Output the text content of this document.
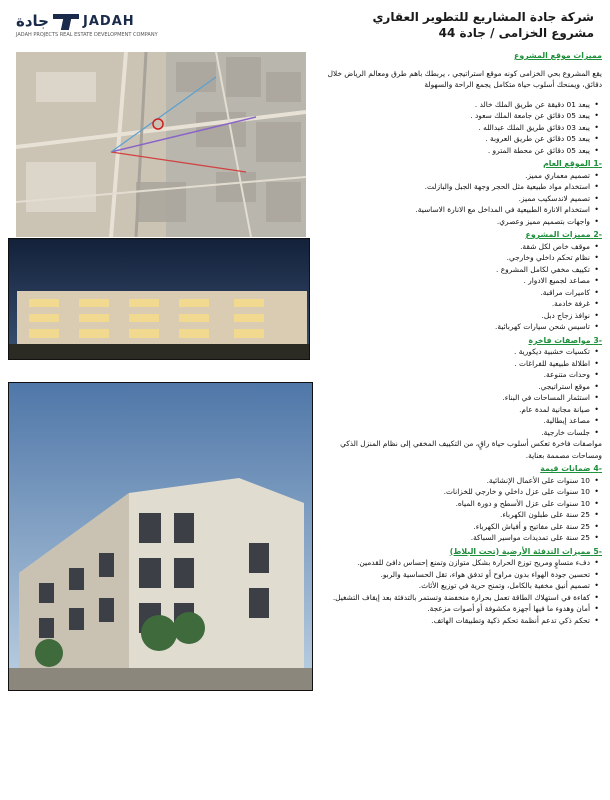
جادة	JADAH
JADAH PROJECTS REAL ESTATE DEVELOPMENT COMPANY
شركة جادة المشاريع للتطوير العقاري
مشروع الخزامى / جادة 44
مميزات موقع المشروع
يقع المشروع بحي الخزامى كونه موقع استراتيجي ، يربطك باهم طرق ومعالم الرياض خلال دقائق، ويمنحك أسلوب حياة متكامل يجمع الراحة والسهولة
• يبعد 01 دقيقة عن طريق الملك خالد .
• يبعد 05 دقائق عن جامعة الملك سعود .
• يبعد 03 دقائق طريق الملك عبدالله .
• يبعد 05 دقائق عن طريق العروبة .
• يبعد 05 دقائق عن محطة المترو .
-1 الموقع العام
• تصميم معماري مميز.
• استخدام مواد طبيعية مثل الحجر وجهة الجبل والبازلت.
• تصميم لاندسكيب مميز.
• استخدام الانارة الطبيعية في المداخل مع الانارة الاساسية.
• واجهات بتصميم مميز وعصري.
-2 مميزات المشروع
• موقف خاص لكل شقة.
• نظام تحكم داخلي وخارجي.
• تكييف مخفي لكامل المشروع .
• مصاعد لجميع الادوار .
• كاميرات مراقبة.
• غرفة خادمة.
• نوافذ زجاج دبل.
• تاسيس شحن سيارات كهربائية.
-3 مواصفات فاخرة
• تكسيات خشبية ديكورية .
• اطلالة طبيعية للفراغات .
• وحدات متنوعة.
• موقع استراتيجي.
• استثمار المساحات في البناء.
• صيانة مجانية لمدة عام.
• مصاعد إيطالية.
• جلسات خارجية.
مواصفات فاخرة تعكس أسلوب حياة راقٍ، من التكييف المخفي إلى نظام المنزل الذكي ومساحات مصممة بعناية.
-4 ضمانات قيمة
• 10 سنوات على الأعمال الإنشائية.
• 10 سنوات على عزل داخلي و خارجي للخزانات.
• 10 سنوات على عزل الأسطح و دورة المياه.
• 25 سنة على طبلون الكهرباء.
• 25 سنة على مفاتيح و أفياش الكهرباء.
• 25 سنة على تمديدات مواسير السباكة.
-5 مميزات التدفئة الأرضية (تحت البلاط)
• دفء متساوٍ ومريح توزع الحرارة بشكل متوازن وتمنع إحساس دافئ للقدمين.
• تحسين جودة الهواء بدون مراوح أو تدفق هواء، تقل الحساسية والربو.
• تصميم أنيق مخفية بالكامل، وتمنح حرية في توزيع الأثاث.
• كفاءة في استهلاك الطاقة تعمل بحرارة منخفضة وتستمر بالتدفئة بعد إيقاف التشغيل.
• أمان وهدوء ما فيها أجهزة مكشوفة أو أصوات مزعجة.
• تحكم ذكي تدعم أنظمة تحكم ذكية وتطبيقات الهاتف.
